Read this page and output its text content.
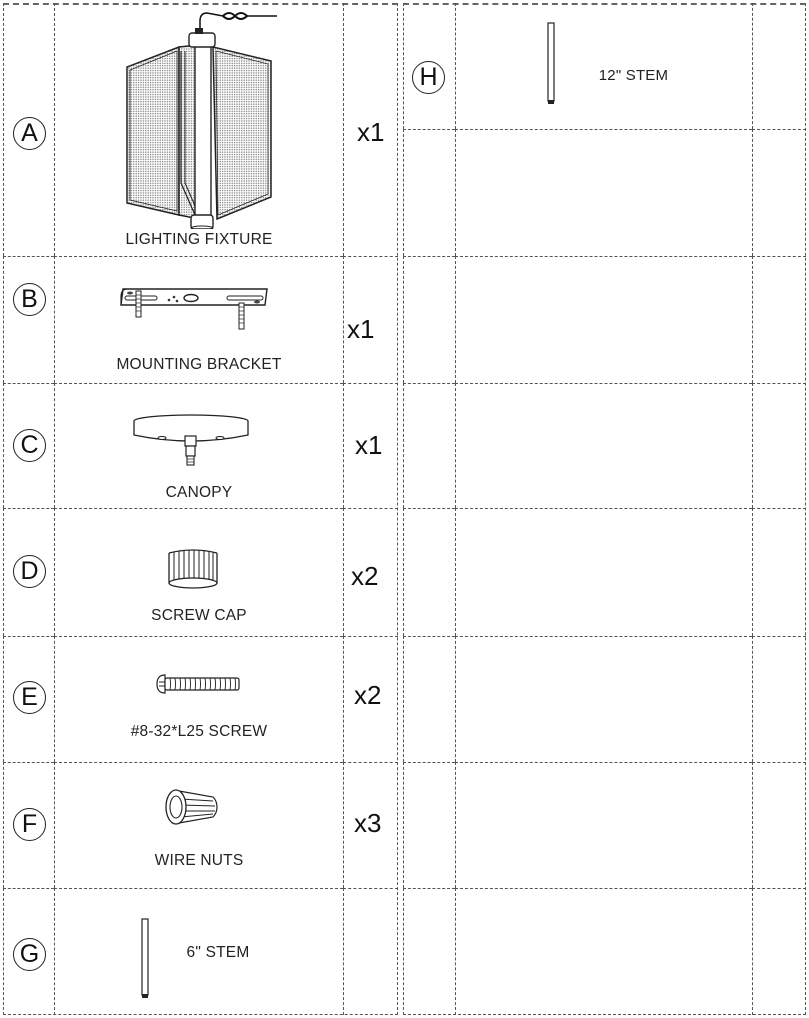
A
LIGHTING FIXTURE
x1
B
MOUNTING BRACKET
x1
C
CANOPY
x1
D
SCREW CAP
x2
E
#8-32*L25 SCREW
x2
F
WIRE NUTS
x3
G	6" STEM
H	12" STEM
